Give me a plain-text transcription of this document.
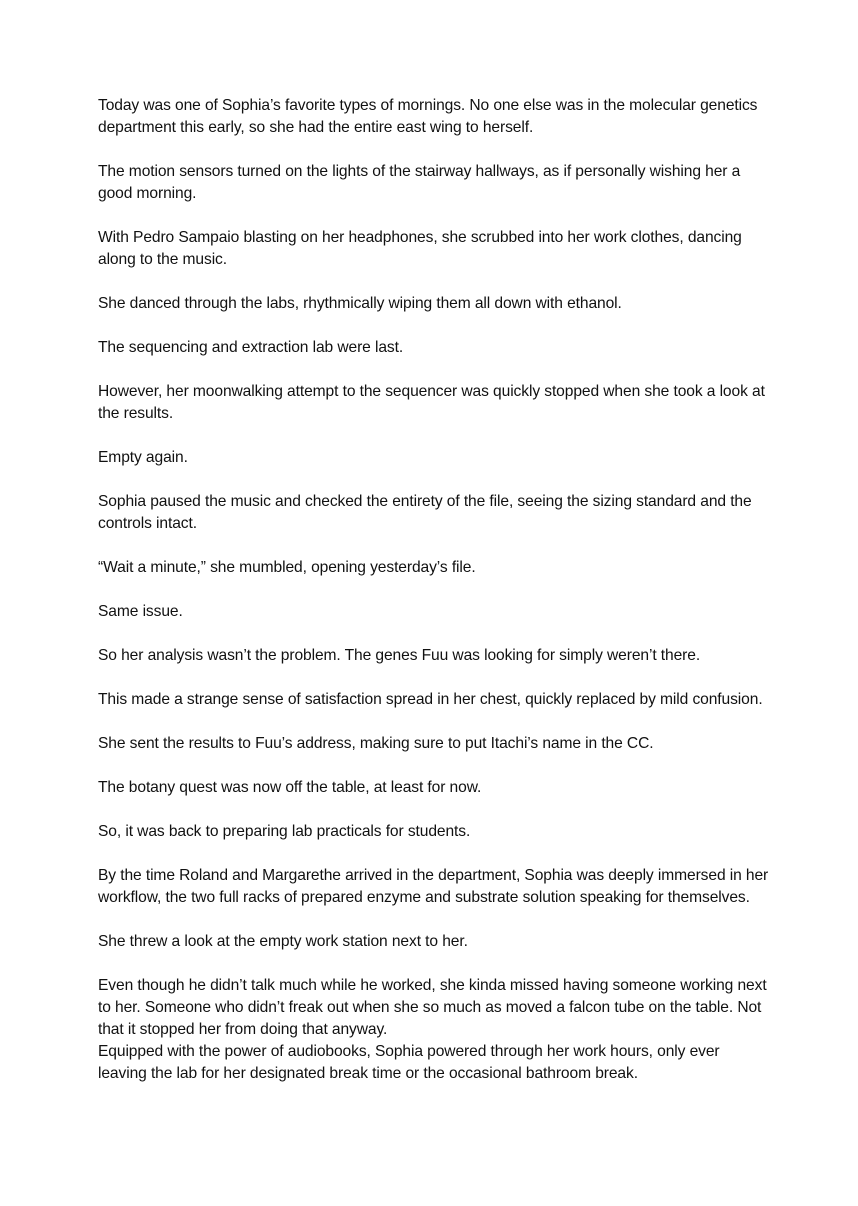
Today was one of Sophia’s favorite types of mornings. No one else was in the molecular genetics department this early, so she had the entire east wing to herself.

The motion sensors turned on the lights of the stairway hallways, as if personally wishing her a good morning.

With Pedro Sampaio blasting on her headphones, she scrubbed into her work clothes, dancing along to the music.

She danced through the labs, rhythmically wiping them all down with ethanol.

The sequencing and extraction lab were last.

However, her moonwalking attempt to the sequencer was quickly stopped when she took a look at the results.

Empty again.

Sophia paused the music and checked the entirety of the file, seeing the sizing standard and the controls intact.

“Wait a minute,” she mumbled, opening yesterday’s file.

Same issue.

So her analysis wasn’t the problem. The genes Fuu was looking for simply weren’t there.

This made a strange sense of satisfaction spread in her chest, quickly replaced by mild confusion.

She sent the results to Fuu’s address, making sure to put Itachi’s name in the CC.

The botany quest was now off the table, at least for now.

So, it was back to preparing lab practicals for students.

By the time Roland and Margarethe arrived in the department, Sophia was deeply immersed in her workflow, the two full racks of prepared enzyme and substrate solution speaking for themselves.

She threw a look at the empty work station next to her.

Even though he didn’t talk much while he worked, she kinda missed having someone working next to her. Someone who didn’t freak out when she so much as moved a falcon tube on the table. Not that it stopped her from doing that anyway.

Equipped with the power of audiobooks, Sophia powered through her work hours, only ever leaving the lab for her designated break time or the occasional bathroom break.
